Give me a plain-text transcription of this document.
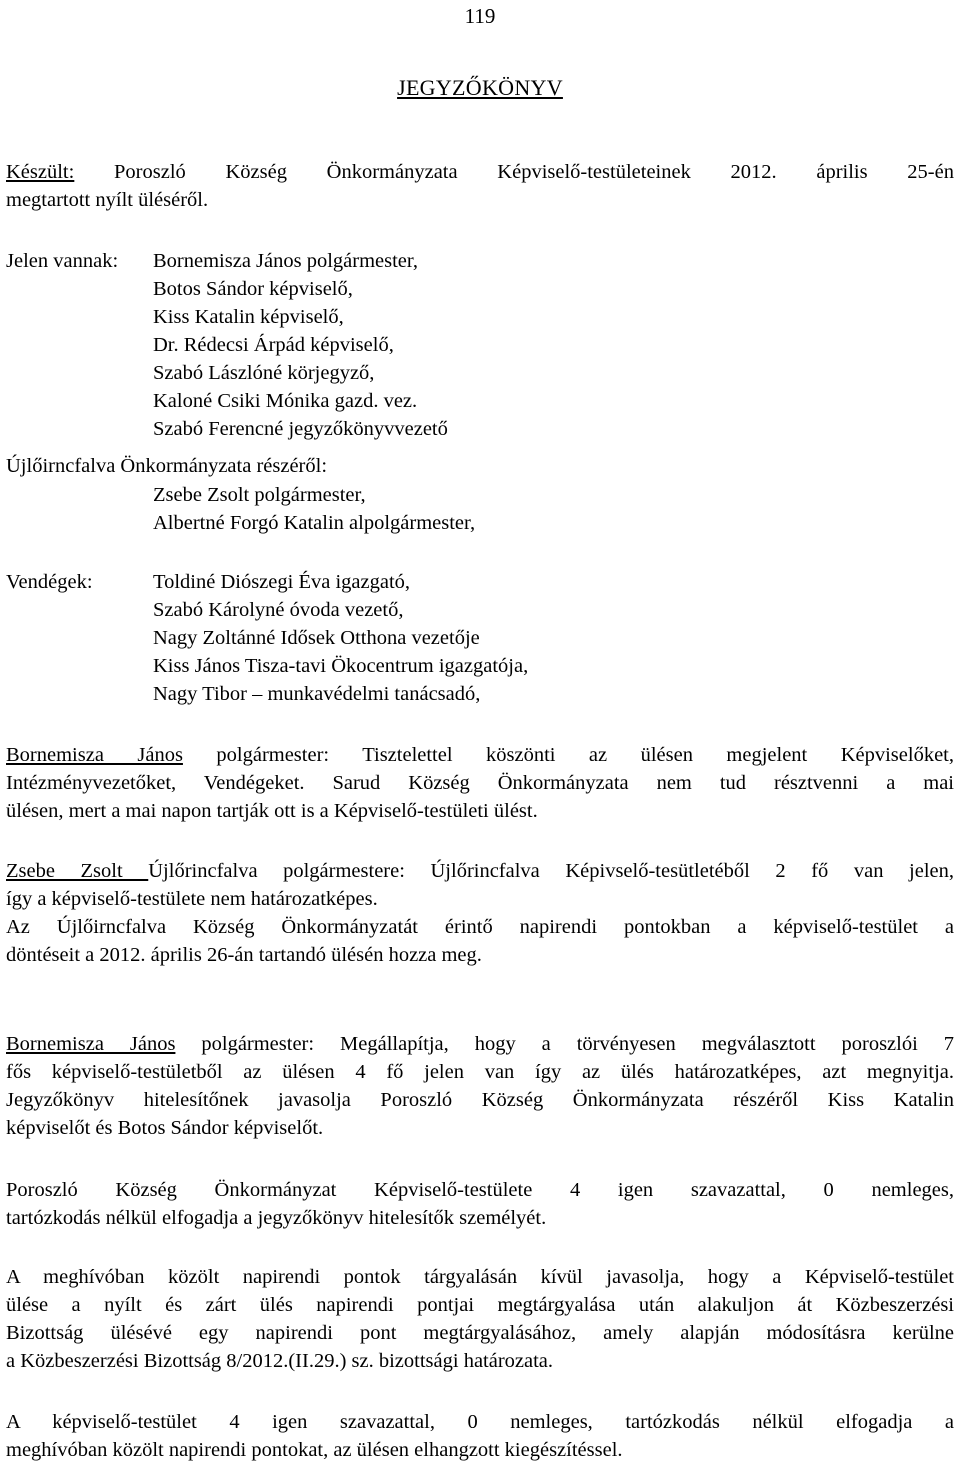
119
JEGYZŐKÖNYV
Készült: Poroszló Község Önkormányzata Képviselő-testületeinek 2012. április 25-én
megtartott nyílt üléséről.
Jelen vannak: Bornemisza János polgármester,
Botos Sándor képviselő,
Kiss Katalin képviselő,
Dr. Rédecsi Árpád képviselő,
Szabó Lászlóné körjegyző,
Kaloné Csiki Mónika gazd. vez.
Szabó Ferencné jegyzőkönyvvezető
Újlőirncfalva Önkormányzata részéről:
Zsebe Zsolt polgármester,
Albertné Forgó Katalin alpolgármester,
Vendégek:	Toldiné Diószegi Éva igazgató,
Szabó Károlyné óvoda vezető,
Nagy Zoltánné Idősek Otthona vezetője
Kiss János Tisza-tavi Ökocentrum igazgatója,
Nagy Tibor – munkavédelmi tanácsadó,
Bornemisza János polgármester: Tisztelettel köszönti az ülésen megjelent Képviselőket,
Intézményvezetőket, Vendégeket. Sarud Község Önkormányzata nem tud résztvenni a mai
ülésen, mert a mai napon tartják ott is a Képviselő-testületi ülést.
Zsebe Zsolt Újlőrincfalva polgármestere: Újlőrincfalva Képivselő-tesütletéből 2 fő van jelen,
így a képviselő-testülete nem határozatképes.
Az Újlőirncfalva Község Önkormányzatát érintő napirendi pontokban a képviselő-testület a
döntéseit a 2012. április 26-án tartandó ülésén hozza meg.
Bornemisza János polgármester: Megállapítja, hogy a törvényesen megválasztott poroszlói 7
fős képviselő-testületből az ülésen 4 fő jelen van így az ülés határozatképes, azt megnyitja.
Jegyzőkönyv hitelesítőnek javasolja Poroszló Község Önkormányzata részéről Kiss Katalin
képviselőt és Botos Sándor képviselőt.
Poroszló Község Önkormányzat Képviselő-testülete 4 igen szavazattal, 0 nemleges,
tartózkodás nélkül elfogadja a jegyzőkönyv hitelesítők személyét.
A meghívóban közölt napirendi pontok tárgyalásán kívül javasolja, hogy a Képviselő-testület
ülése a nyílt és zárt ülés napirendi pontjai megtárgyalása után alakuljon át Közbeszerzési
Bizottság ülésévé egy napirendi pont megtárgyalásához, amely alapján módosításra kerülne
a Közbeszerzési Bizottság 8/2012.(II.29.) sz. bizottsági határozata.
A képviselő-testület 4 igen szavazattal, 0 nemleges, tartózkodás nélkül elfogadja a
meghívóban közölt napirendi pontokat, az ülésen elhangzott kiegészítéssel.
